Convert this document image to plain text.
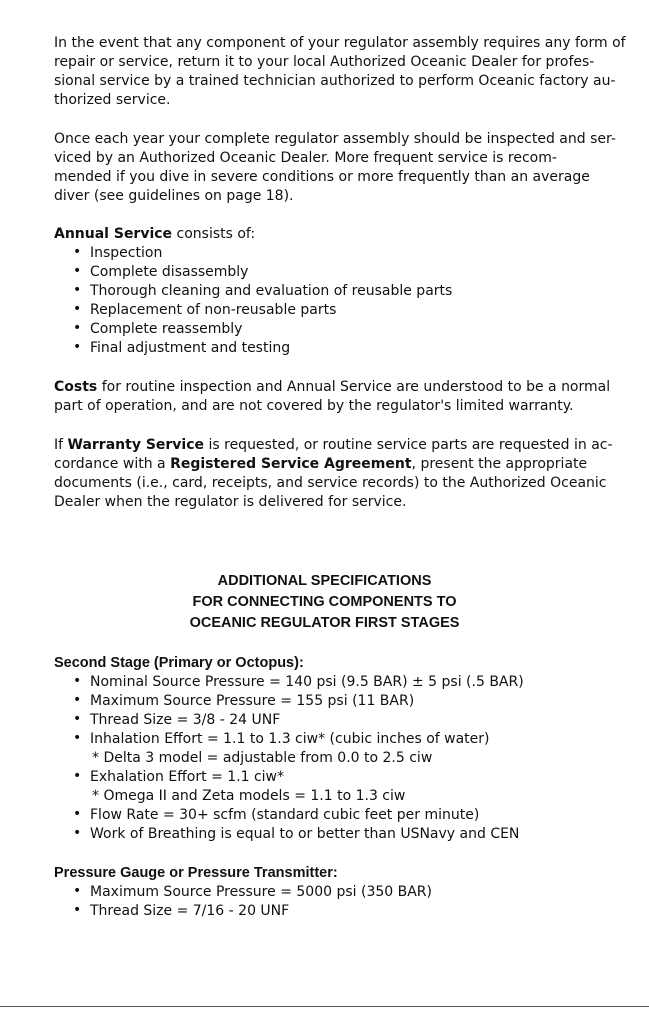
In the event that any component of your regulator assembly requires any form of

repair or service, return it to your local Authorized Oceanic Dealer for profes-

sional service by a trained technician authorized to perform Oceanic factory au-

thorized service.

Once each year your complete regulator assembly should be inspected and ser-

viced by an Authorized Oceanic Dealer. More frequent service is recom-

mended if you dive in severe conditions or more frequently than an average

diver (see guidelines on page 18).

Annual Service consists of:

• Inspection
• Complete disassembly
• Thorough cleaning and evaluation of reusable parts
• Replacement of non-reusable parts
• Complete reassembly
• Final adjustment and testing

Costs for routine inspection and Annual Service are understood to be a normal

part of operation, and are not covered by the regulator's limited warranty.

If Warranty Service is requested, or routine service parts are requested in ac-

cordance with a Registered Service Agreement, present the appropriate

documents (i.e., card, receipts, and service records) to the Authorized Oceanic

Dealer when the regulator is delivered for service.

ADDITIONAL SPECIFICATIONS
FOR CONNECTING COMPONENTS TO
OCEANIC REGULATOR FIRST STAGES

Second Stage (Primary or Octopus):

• Nominal Source Pressure = 140 psi (9.5 BAR) ± 5 psi (.5 BAR)
• Maximum Source Pressure = 155 psi (11 BAR)
• Thread Size = 3/8 - 24 UNF
• Inhalation Effort = 1.1 to 1.3 ciw* (cubic inches of water)
* Delta 3 model = adjustable from 0.0 to 2.5 ciw
• Exhalation Effort = 1.1 ciw*
* Omega II and Zeta models = 1.1 to 1.3 ciw
• Flow Rate = 30+ scfm (standard cubic feet per minute)
• Work of Breathing is equal to or better than USNavy and CEN

Pressure Gauge or Pressure Transmitter:

• Maximum Source Pressure = 5000 psi (350 BAR)
• Thread Size = 7/16 - 20 UNF
